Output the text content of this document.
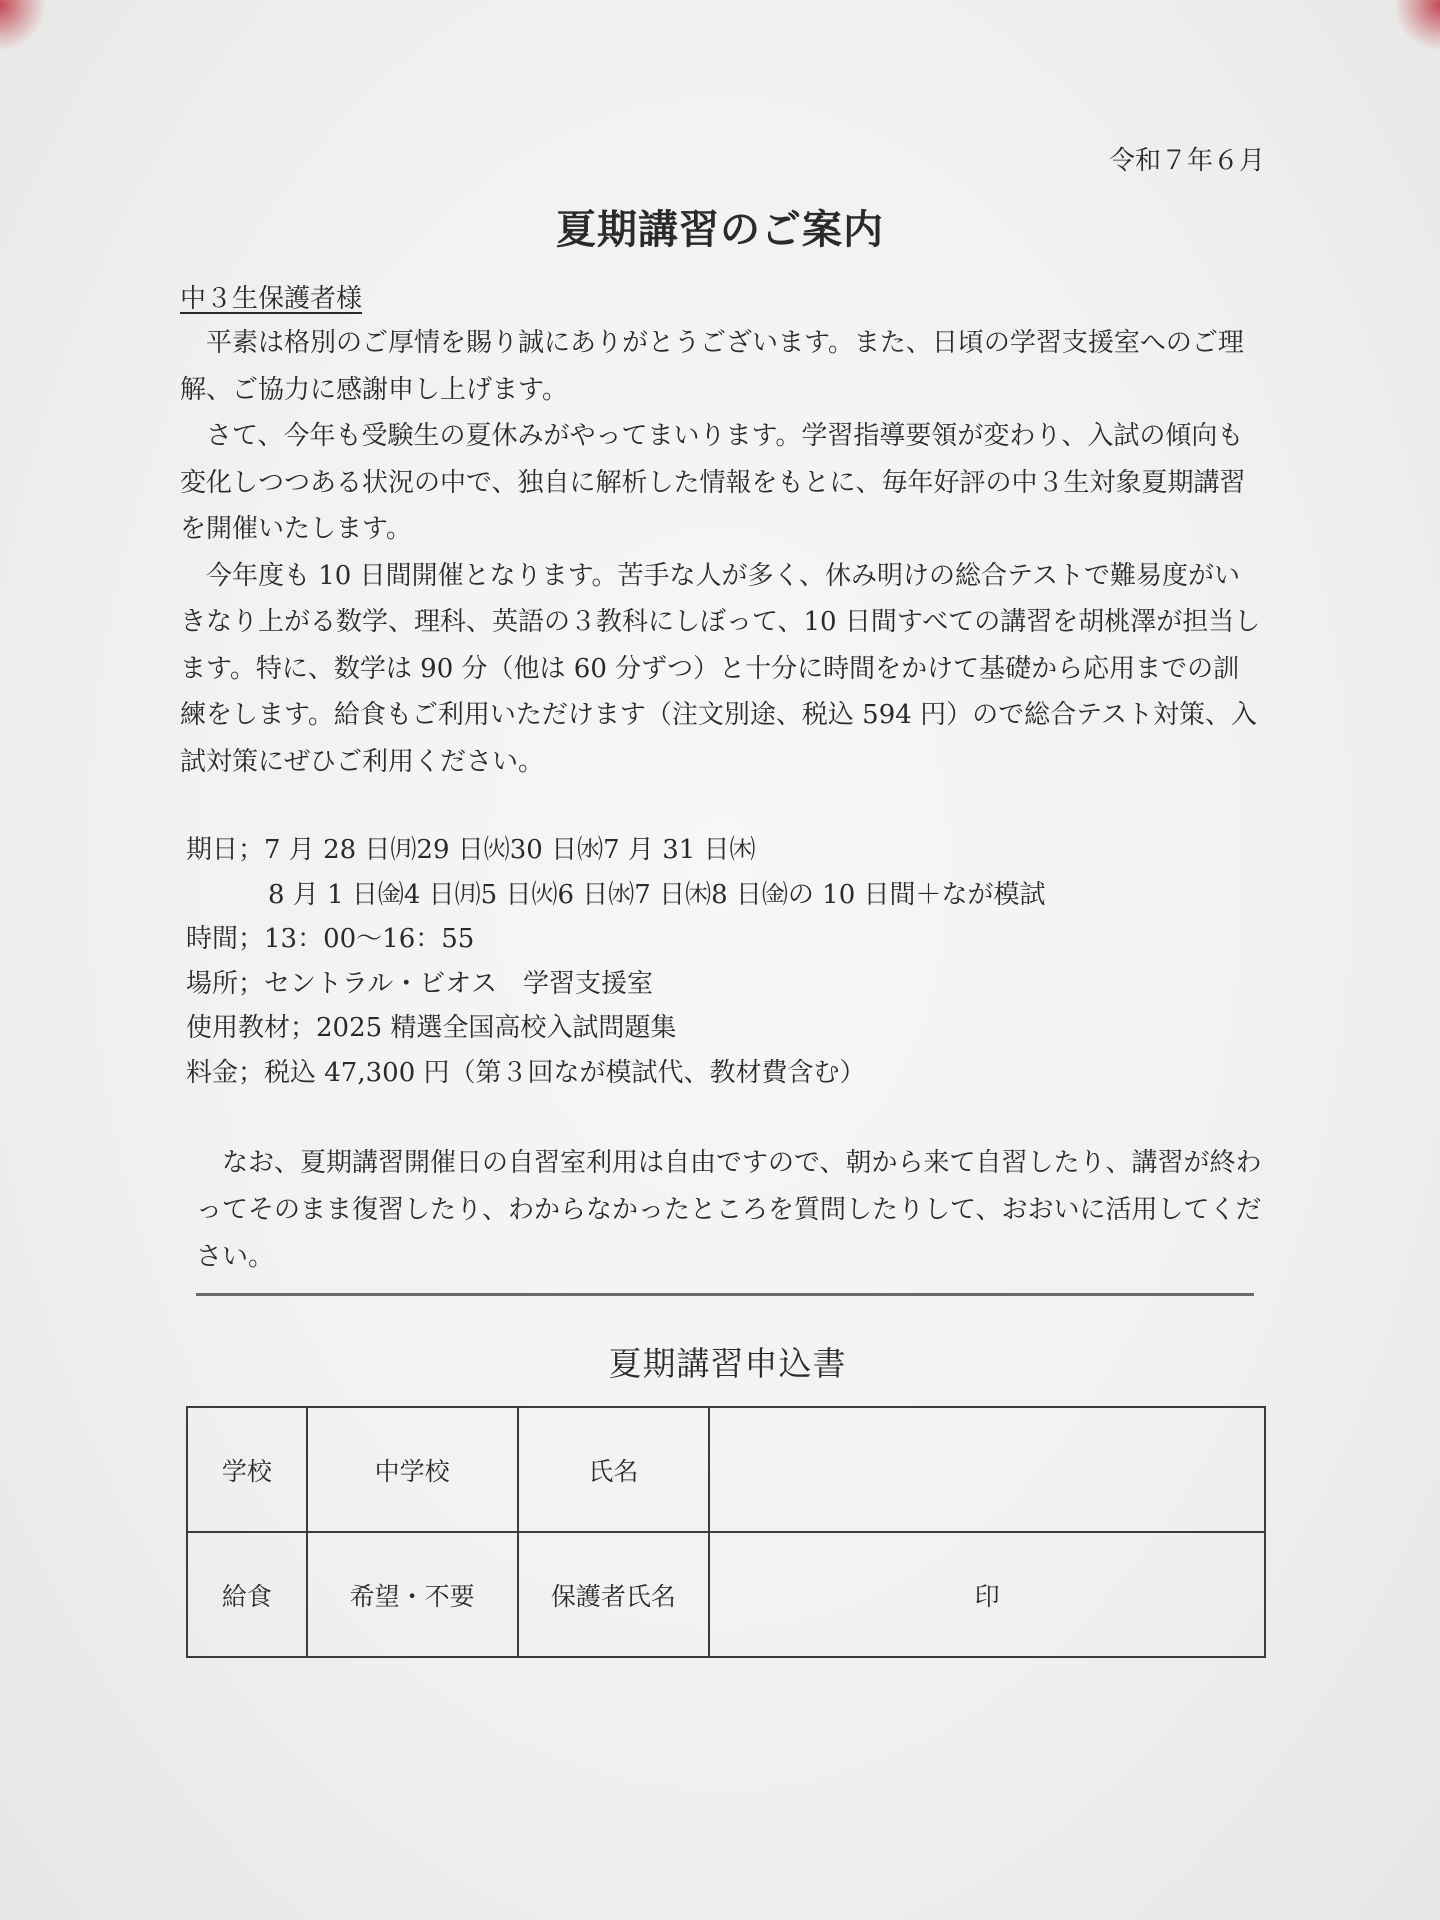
令和７年６月
夏期講習のご案内
中３生保護者様

平素は格別のご厚情を賜り誠にありがとうございます。また、日頃の学習支援室へのご理解、ご協力に感謝申し上げます。

さて、今年も受験生の夏休みがやってまいります。学習指導要領が変わり、入試の傾向も変化しつつある状況の中で、独自に解析した情報をもとに、毎年好評の中３生対象夏期講習を開催いたします。

今年度も 10 日間開催となります。苦手な人が多く、休み明けの総合テストで難易度がいきなり上がる数学、理科、英語の３教科にしぼって、10 日間すべての講習を胡桃澤が担当します。特に、数学は 90 分（他は 60 分ずつ）と十分に時間をかけて基礎から応用までの訓練をします。給食もご利用いただけます（注文別途、税込 594 円）ので総合テスト対策、入試対策にぜひご利用ください。

期日；7 月 28 日㈪29 日㈫30 日㈬7 月 31 日㈭
8 月 1 日㈮4 日㈪5 日㈫6 日㈬7 日㈭8 日㈮の 10 日間＋なが模試
時間；13：00～16：55
場所；セントラル・ビオス　学習支援室
使用教材；2025 精選全国高校入試問題集
料金；税込 47,300 円（第３回なが模試代、教材費含む）

なお、夏期講習開催日の自習室利用は自由ですので、朝から来て自習したり、講習が終わってそのまま復習したり、わからなかったところを質問したりして、おおいに活用してください。

夏期講習申込書
学校	中学校	氏名	
給食	希望・不要	保護者氏名	印
